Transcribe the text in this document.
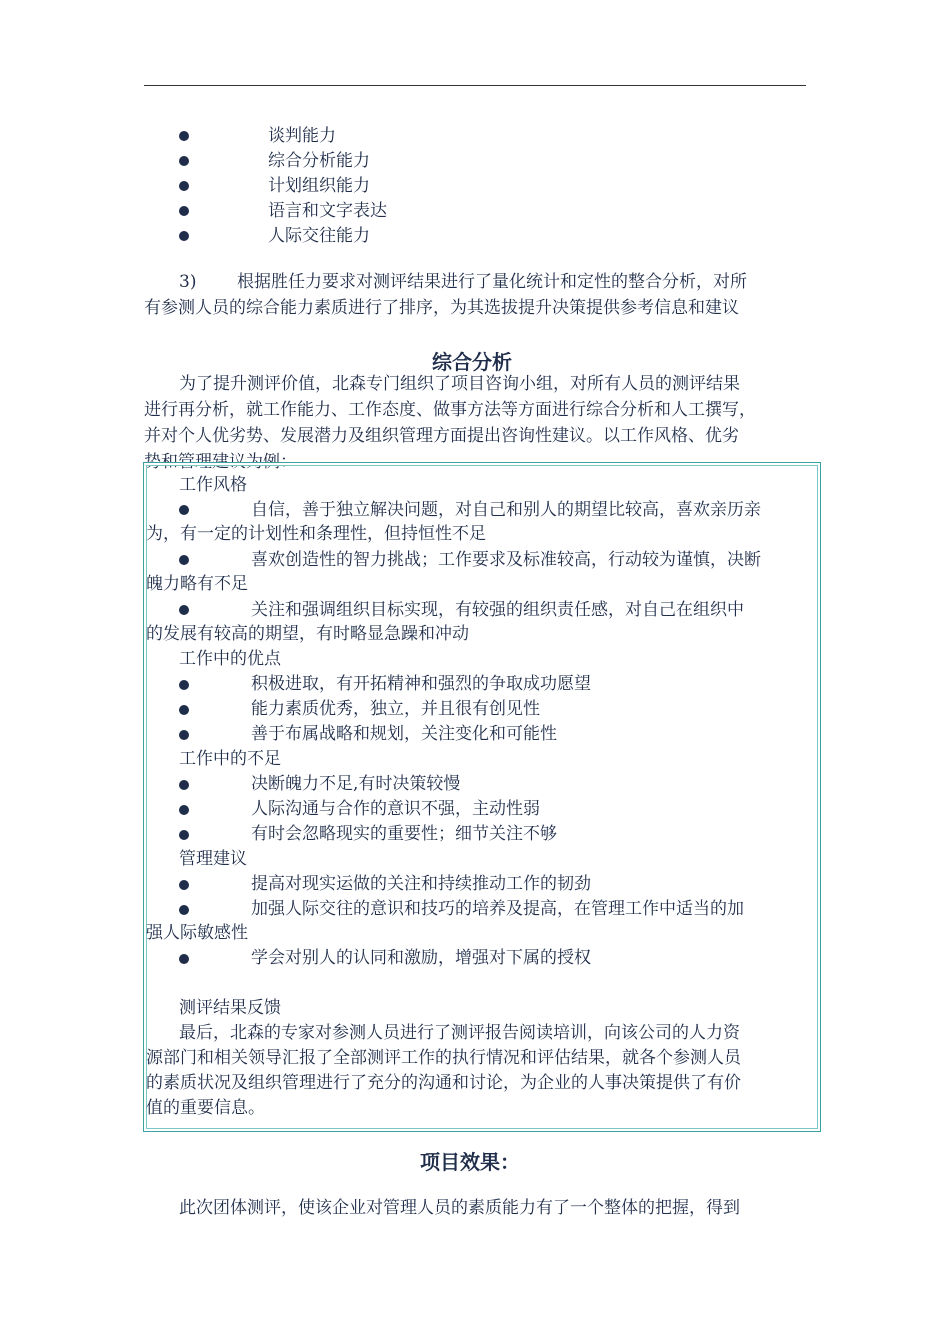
谈判能力
综合分析能力
计划组织能力
语言和文字表达
人际交往能力
3) 根据胜任力要求对测评结果进行了量化统计和定性的整合分析，对所
有参测人员的综合能力素质进行了排序，为其选拔提升决策提供参考信息和建议
综合分析
为了提升测评价值，北森专门组织了项目咨询小组，对所有人员的测评结果
进行再分析，就工作能力、工作态度、做事方法等方面进行综合分析和人工撰写，
并对个人优劣势、发展潜力及组织管理方面提出咨询性建议。以工作风格、优劣
势和管理建议为例：
工作风格
自信，善于独立解决问题，对自己和别人的期望比较高，喜欢亲历亲
为，有一定的计划性和条理性，但持恒性不足
喜欢创造性的智力挑战；工作要求及标准较高，行动较为谨慎，决断
魄力略有不足
关注和强调组织目标实现，有较强的组织责任感，对自己在组织中
的发展有较高的期望，有时略显急躁和冲动
工作中的优点
积极进取，有开拓精神和强烈的争取成功愿望
能力素质优秀，独立，并且很有创见性
善于布属战略和规划，关注变化和可能性
工作中的不足
决断魄力不足,有时决策较慢
人际沟通与合作的意识不强，主动性弱
有时会忽略现实的重要性；细节关注不够
管理建议
提高对现实运做的关注和持续推动工作的韧劲
加强人际交往的意识和技巧的培养及提高，在管理工作中适当的加
强人际敏感性
学会对别人的认同和激励，增强对下属的授权
测评结果反馈
最后，北森的专家对参测人员进行了测评报告阅读培训，向该公司的人力资
源部门和相关领导汇报了全部测评工作的执行情况和评估结果，就各个参测人员
的素质状况及组织管理进行了充分的沟通和讨论，为企业的人事决策提供了有价
值的重要信息。
项目效果：
此次团体测评，使该企业对管理人员的素质能力有了一个整体的把握，得到
